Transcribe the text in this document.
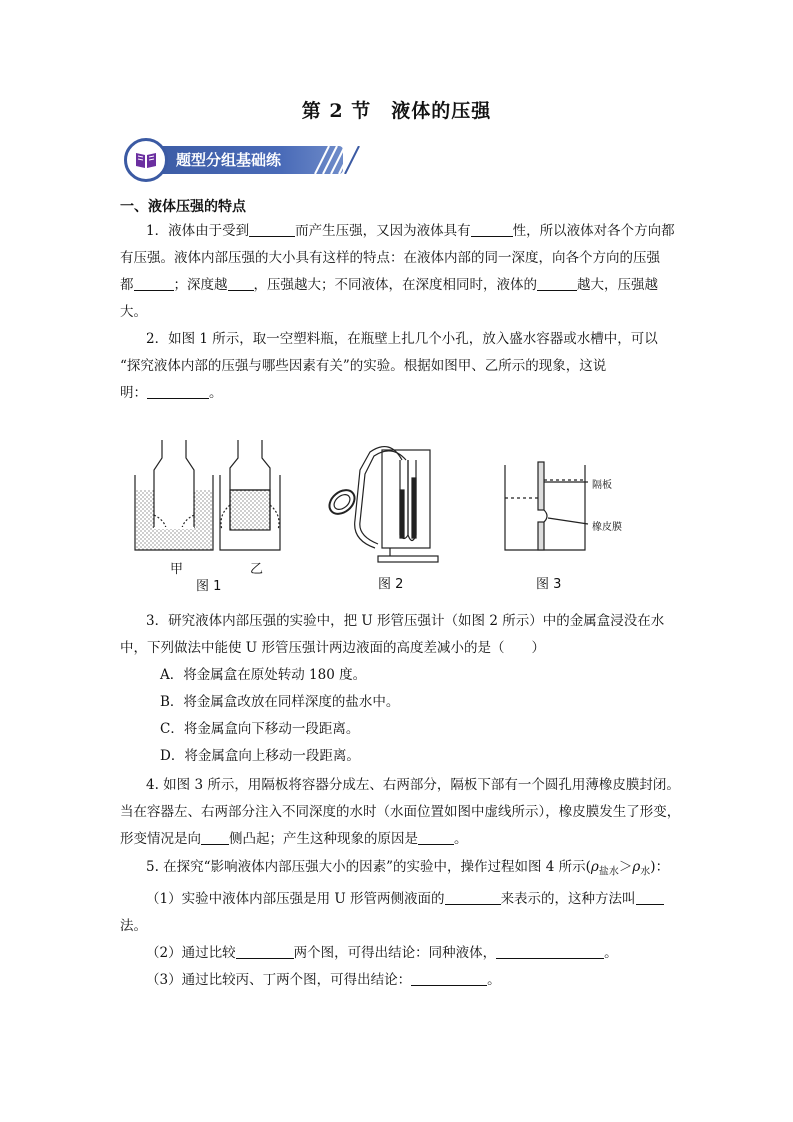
第 2 节　液体的压强
题型分组基础练
一、液体压强的特点
1．液体由于受到	而产生压强，又因为液体具有	性，所以液体对各个方向都
有压强。液体内部压强的大小具有这样的特点：在液体内部的同一深度，向各个方向的压强
都	；深度越 ，压强越大；不同液体，在深度相同时，液体的	越大，压强越
大。
2．如图 1 所示，取一空塑料瓶，在瓶壁上扎几个小孔，放入盛水容器或水槽中，可以
“探究液体内部的压强与哪些因素有关”的实验。根据如图甲、乙所示的现象，这说
明：	。
甲	乙
图 1	图 2	图 3
隔板
橡皮膜
3．研究液体内部压强的实验中，把 U 形管压强计（如图 2 所示）中的金属盒浸没在水
中，下列做法中能使 U 形管压强计两边液面的高度差减小的是（　　）
A．将金属盒在原处转动 180 度。
B．将金属盒改放在同样深度的盐水中。
C．将金属盒向下移动一段距离。
D．将金属盒向上移动一段距离。
4. 如图 3 所示，用隔板将容器分成左、右两部分，隔板下部有一个圆孔用薄橡皮膜封闭。
当在容器左、右两部分注入不同深度的水时（水面位置如图中虚线所示），橡皮膜发生了形变，
形变情况是向 侧凸起；产生这种现象的原因是	。
5. 在探究“影响液体内部压强大小的因素”的实验中，操作过程如图 4 所示$(\rho_{盐水}>\rho_水)$：
（1）实验中液体内部压强是用 U 形管两侧液面的	来表示的，这种方法叫
法。
（2）通过比较	两个图，可得出结论：同种液体，	。
（3）通过比较丙、丁两个图，可得出结论：	。
